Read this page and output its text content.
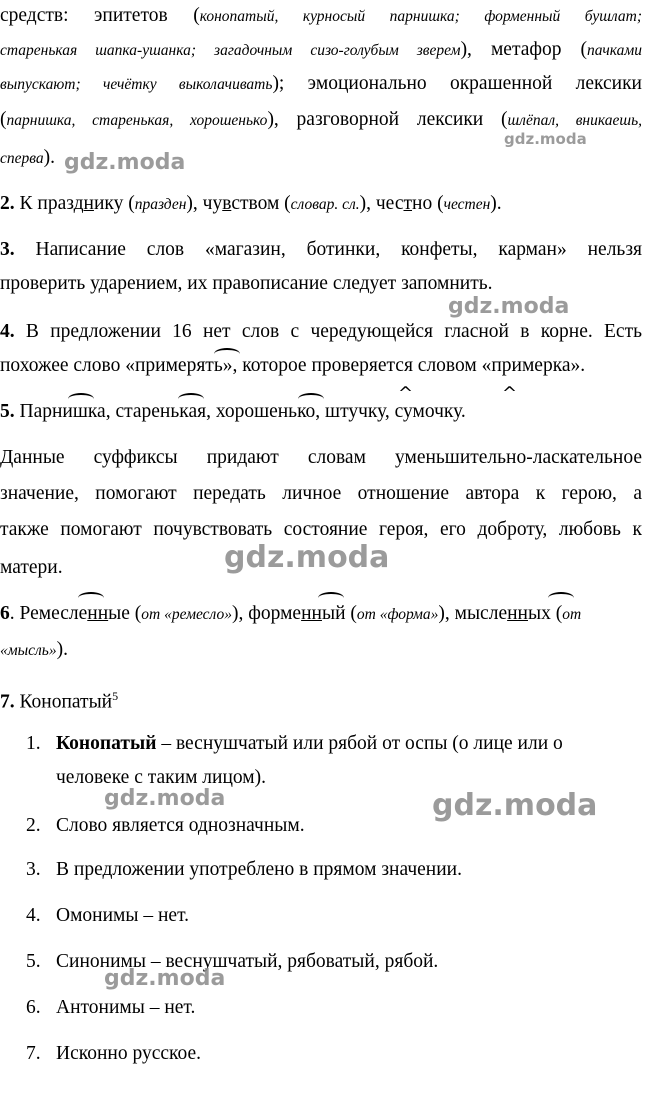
средств: эпитетов (конопатый, курносый парнишка; форменный бушлат;
старенькая шапка-ушанка; загадочным сизо-голубым зверем), метафор (пачками
выпускают; чечётку выколачивать); эмоционально окрашенной лексики
(парнишка, старенькая, хорошенько), разговорной лексики (шлёпал, вникаешь,
сперва).
2. К празднику (празден), чувством (словар. сл.), честно (честен).
3. Написание слов «магазин, ботинки, конфеты, карман» нельзя
проверить ударением, их правописание следует запомнить.
4. В предложении 16 нет слов с чередующейся гласной в корне. Есть
похожее слово «примерять», которое проверяется словом «примерка».
^	^
5. Парнишка, старенькая, хорошенько, штучку, сумочку.
Данные суффиксы придают словам уменьшительно-ласкательное
значение, помогают передать личное отношение автора к герою, а
также помогают почувствовать состояние героя, его доброту, любовь к
матери.
6. Ремесленные (от «ремесло»), форменный (от «форма»), мысленных (от
«мысль»).
7. Конопатый$^5$
1. Конопатый – веснушчатый или рябой от оспы (о лице или о
человеке с таким лицом).
2. Слово является однозначным.
3. В предложении употреблено в прямом значении.
4. Омонимы – нет.
5. Синонимы – веснушчатый, рябоватый, рябой.
6. Антонимы – нет.
7. Исконно русское.
gdz.moda
gdz.moda
gdz.moda
gdz.moda
gdz.moda	gdz.moda
gdz.moda
